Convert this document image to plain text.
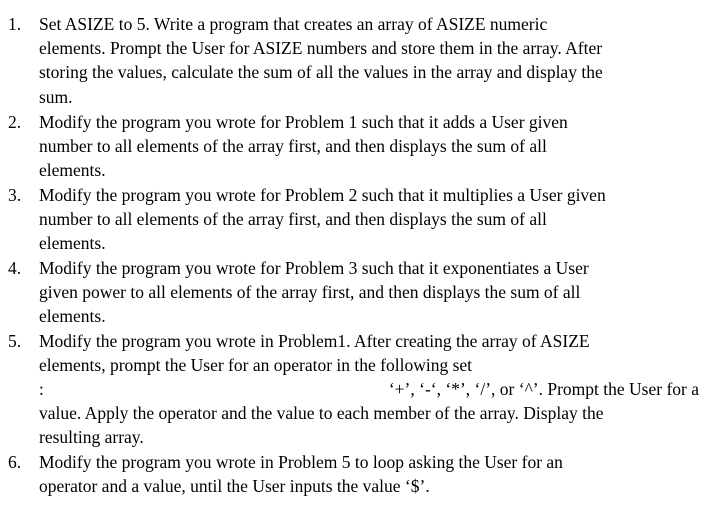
1.	Set ASIZE to 5. Write a program that creates an array of ASIZE numeric
elements. Prompt the User for ASIZE numbers and store them in the array. After
storing the values, calculate the sum of all the values in the array and display the
sum.
2.	Modify the program you wrote for Problem 1 such that it adds a User given
number to all elements of the array first, and then displays the sum of all
elements.
3.	Modify the program you wrote for Problem 2 such that it multiplies a User given
number to all elements of the array first, and then displays the sum of all
elements.
4.	Modify the program you wrote for Problem 3 such that it exponentiates a User
given power to all elements of the array first, and then displays the sum of all
elements.
5.	Modify the program you wrote in Problem1. After creating the array of ASIZE
elements, prompt the User for an operator in the following set
:	‘+’, ‘-‘, ‘*’, ‘/’, or ‘^’. Prompt the User for a
value. Apply the operator and the value to each member of the array. Display the
resulting array.
6.	Modify the program you wrote in Problem 5 to loop asking the User for an
operator and a value, until the User inputs the value ‘$’.
